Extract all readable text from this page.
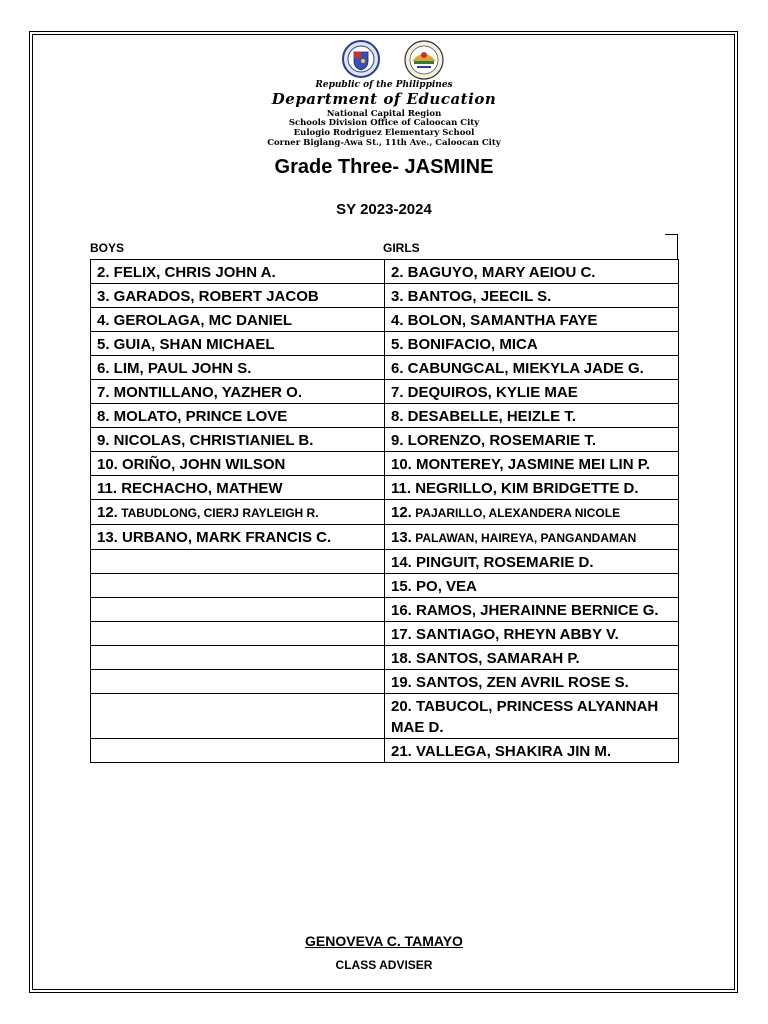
Republic of the Philippines
Department of Education
National Capital Region
Schools Division Office of Caloocan City
Eulogio Rodriguez Elementary School
Corner Biglang-Awa St., 11th Ave., Caloocan City
Grade Three- JASMINE
SY 2023-2024
BOYS	GIRLS
2. FELIX, CHRIS JOHN A.	2. BAGUYO, MARY AEIOU C.
3. GARADOS, ROBERT JACOB	3. BANTOG, JEECIL S.
4. GEROLAGA, MC DANIEL	4. BOLON, SAMANTHA FAYE
5. GUIA, SHAN MICHAEL	5. BONIFACIO, MICA
6. LIM, PAUL JOHN S.	6. CABUNGCAL, MIEKYLA JADE G.
7. MONTILLANO, YAZHER O.	7. DEQUIROS, KYLIE MAE
8. MOLATO, PRINCE LOVE	8. DESABELLE, HEIZLE T.
9. NICOLAS, CHRISTIANIEL B.	9. LORENZO, ROSEMARIE T.
10. ORIÑO, JOHN WILSON	10. MONTEREY, JASMINE MEI LIN P.
11. RECHACHO, MATHEW	11. NEGRILLO, KIM BRIDGETTE D.
12. TABUDLONG, CIERJ RAYLEIGH R.	12. PAJARILLO, ALEXANDERA NICOLE
13. URBANO, MARK FRANCIS C.	13. PALAWAN, HAIREYA, PANGANDAMAN
	14. PINGUIT, ROSEMARIE D.
	15. PO, VEA
	16. RAMOS, JHERAINNE BERNICE G.
	17. SANTIAGO, RHEYN ABBY V.
	18. SANTOS, SAMARAH P.
	19. SANTOS, ZEN AVRIL ROSE S.
	20. TABUCOL, PRINCESS ALYANNAH MAE D.
	21. VALLEGA, SHAKIRA JIN M.
GENOVEVA C. TAMAYO
CLASS ADVISER
